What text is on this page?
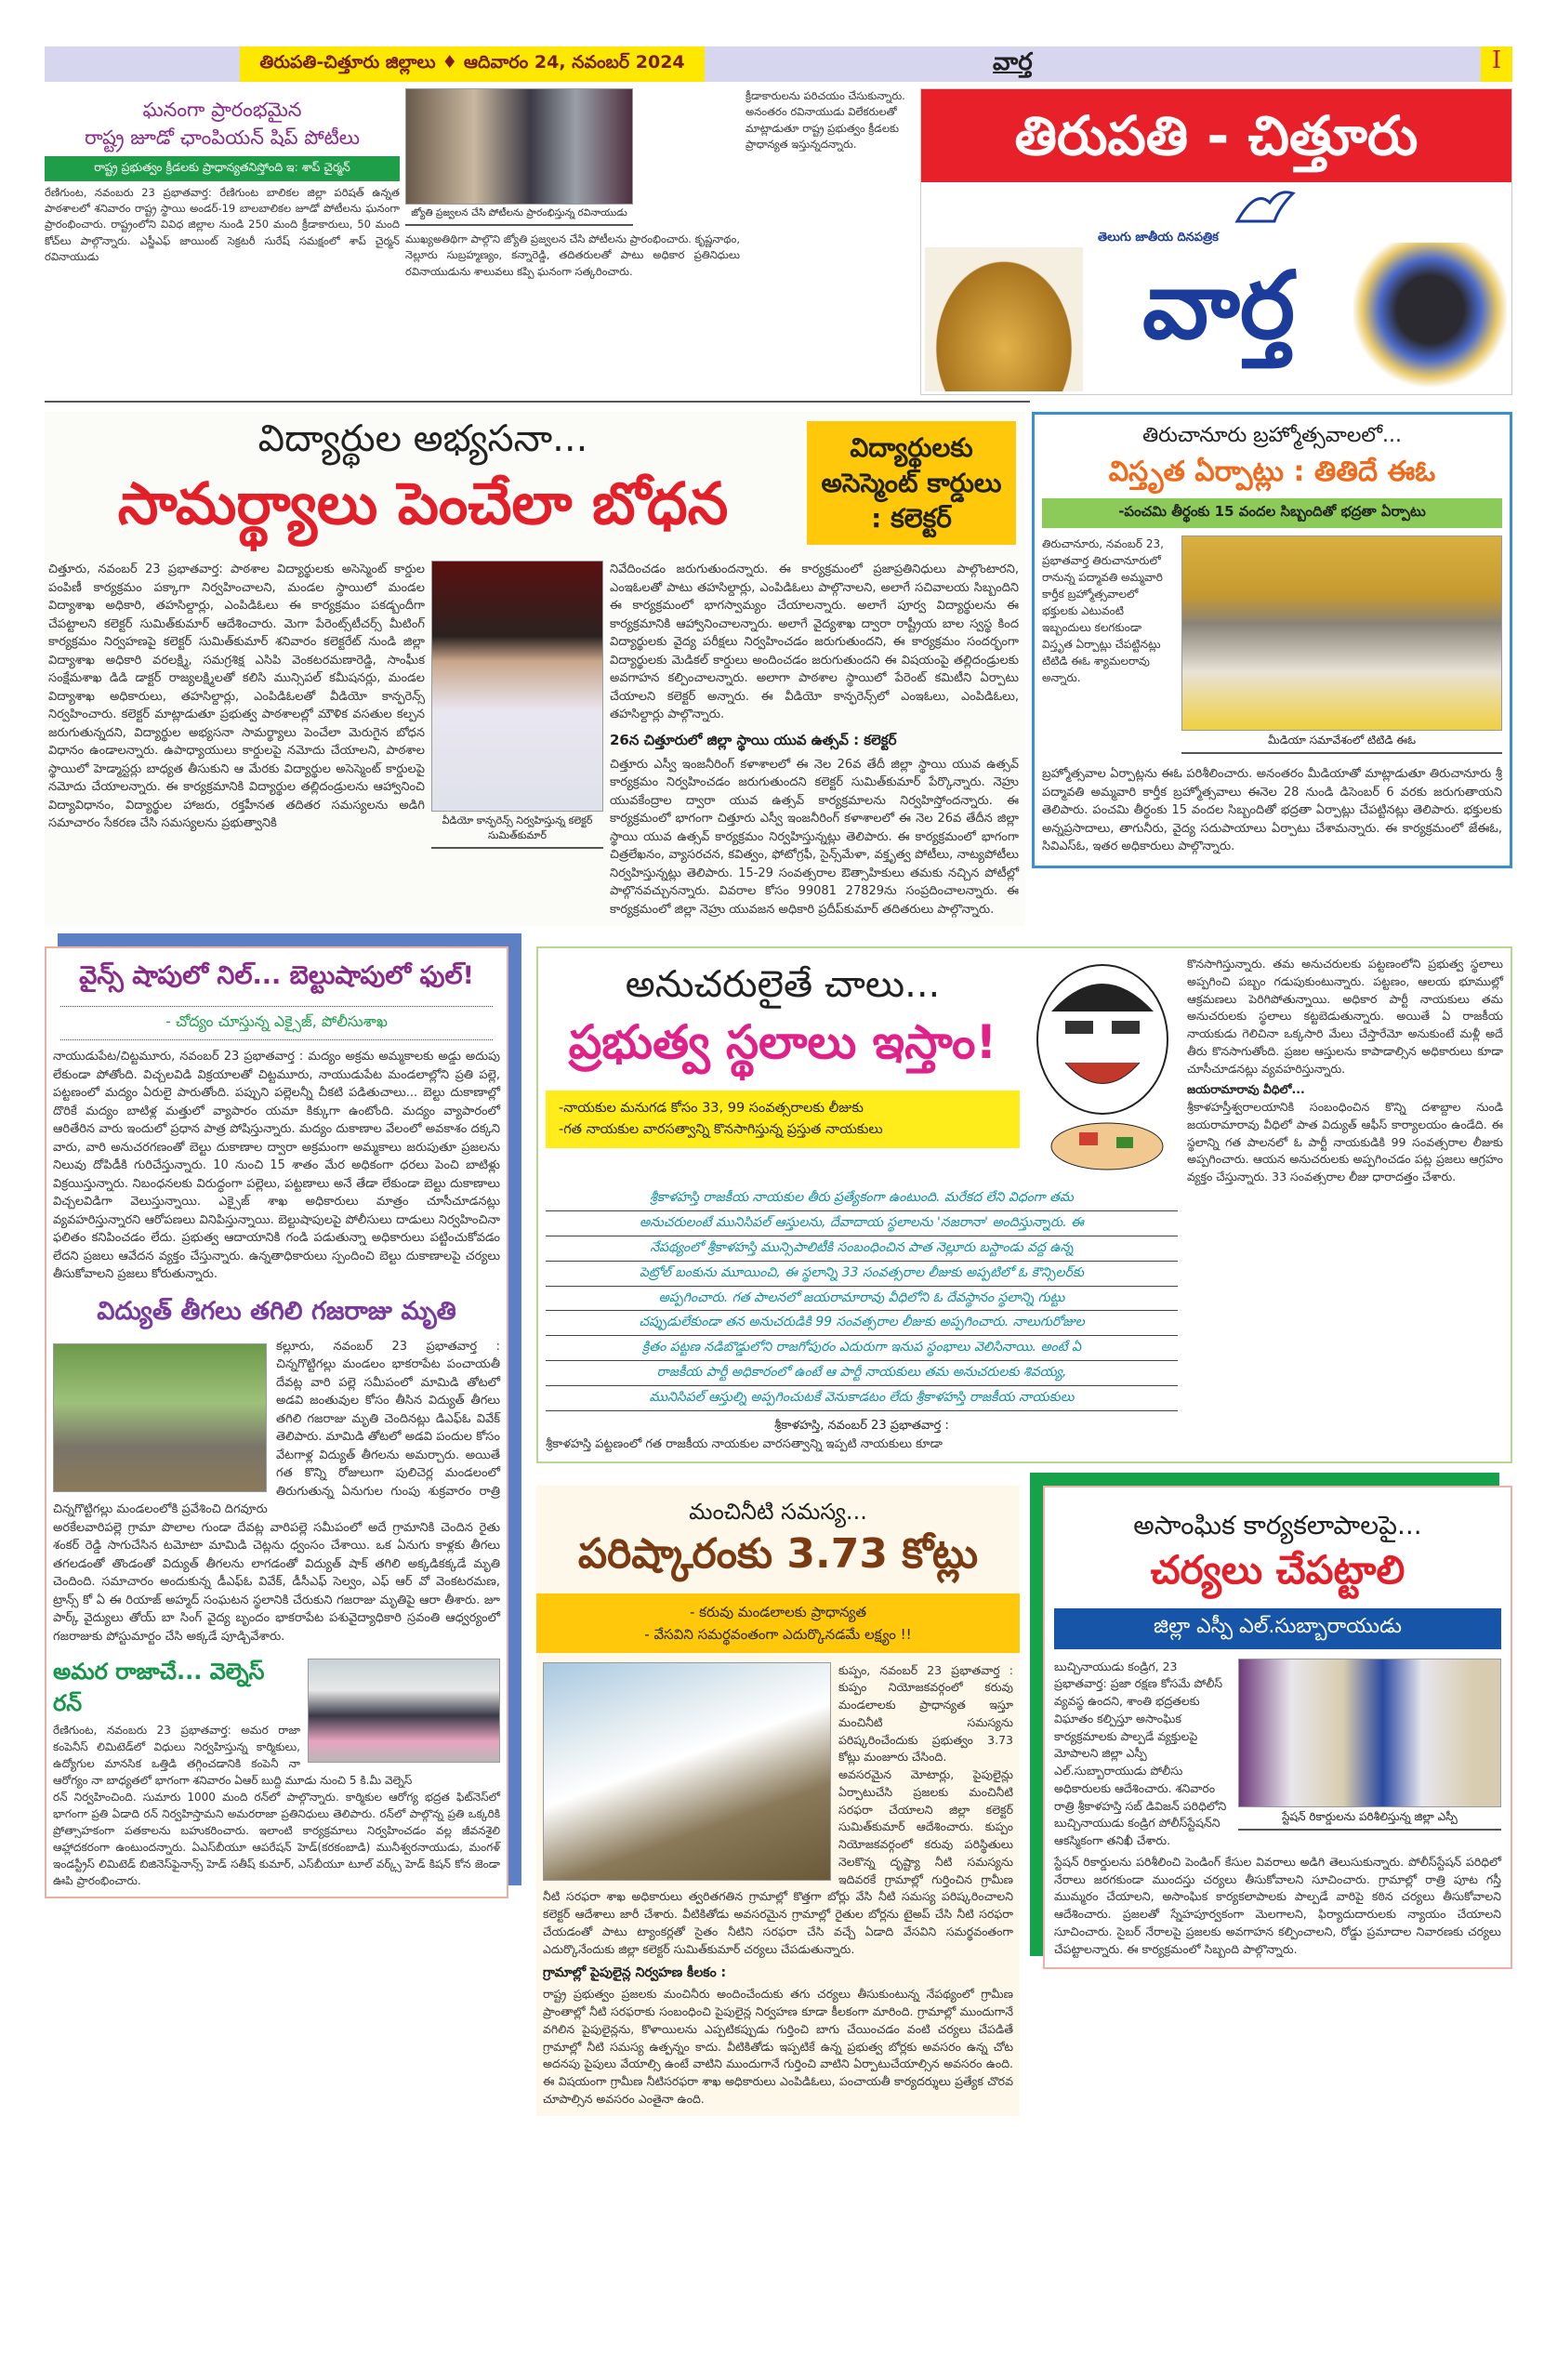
తిరుపతి-చిత్తూరు జిల్లాలు ♦ ఆదివారం 24, నవంబర్ 2024	వార్త	I
ఘనంగా ప్రారంభమైన
రాష్ట్ర జూడో ఛాంపియన్ షిప్ పోటీలు
రాష్ట్ర ప్రభుత్వం క్రీడలకు ప్రాధాన్యతనిస్తోంది ఇ: శాప్ చైర్మన్
రేణిగుంట, నవంబరు 23 ప్రభాతవార్త: రేణిగుంట బాలికల జిల్లా పరిషత్ ఉన్నత పాఠశాలలో శనివారం రాష్ట్ర స్థాయి అండర్-19 బాలబాలికల జూడో పోటీలను ఘనంగా ప్రారంభించారు. రాష్ట్రంలోని వివిధ జిల్లాల నుండి 250 మంది క్రీడాకారులు, 50 మంది కోచ్‌లు పాల్గొన్నారు. ఎస్జీఎఫ్ జాయింట్ సెక్రటరీ సురేష్ సమక్షంలో శాప్ చైర్మన్ రవినాయుడు
జ్యోతి ప్రజ్వలన చేసి పోటీలను ప్రారంభిస్తున్న రవినాయుడు
ముఖ్యఅతిథిగా పాల్గొని జ్యోతి ప్రజ్వలన చేసి పోటీలను ప్రారంభించారు. కృష్ణనాథం, నెల్లూరు సుబ్రహ్మణ్యం, కన్నారెడ్డి, తదితరులతో పాటు అధికార ప్రతినిధులు రవినాయుడును శాలువలు కప్పి ఘనంగా సత్కరించారు.
క్రీడాకారులను పరిచయం చేసుకున్నారు. అనంతరం రవినాయుడు విలేకరులతో మాట్లాడుతూ రాష్ట్ర ప్రభుత్వం క్రీడలకు ప్రాధాన్యత ఇస్తున్నదన్నారు.	తిరుపతి - చిత్తూరు
తెలుగు జాతీయ దినపత్రిక
వార్త
విద్యార్థుల అభ్యసనా...
సామర్థ్యాలు పెంచేలా బోధన
విద్యార్థులకు అసెస్మెంట్ కార్డులు : కలెక్టర్
చిత్తూరు, నవంబర్ 23 ప్రభాతవార్త: పాఠశాల విద్యార్థులకు అసెస్మెంట్ కార్డుల పంపిణీ కార్యక్రమం పక్కాగా నిర్వహించాలని, మండల స్థాయిలో మండల విద్యాశాఖ అధికారి, తహసిల్దార్లు, ఎంపిడిఓలు ఈ కార్యక్రమం పకడ్బందీగా చేపట్టాలని కలెక్టర్ సుమిత్‌కుమార్ ఆదేశించారు. మెగా పేరెంట్స్‌టీచర్స్ మీటింగ్ కార్యక్రమం నిర్వహణపై కలెక్టర్ సుమిత్‌కుమార్ శనివారం కలెక్టరేట్ నుండి జిల్లా విద్యాశాఖ అధికారి వరలక్ష్మి, సమగ్రశిక్ష ఎసిపి వెంకటరమణారెడ్డి, సాంఘీక సంక్షేమశాఖ డిడి డాక్టర్ రాజ్యలక్ష్మిలతో కలిసి మున్సిపల్ కమీషనర్లు, మండల విద్యాశాఖ అధికారులు, తహసిల్దార్లు, ఎంపిడిఓలతో వీడియో కాన్ఫరెన్స్ నిర్వహించారు. కలెక్టర్ మాట్లాడుతూ ప్రభుత్వ పాఠశాలల్లో మౌళిక వసతుల కల్పన జరుగుతున్నదని, విద్యార్థుల అభ్యసనా సామర్థ్యాలు పెంచేలా మెరుగైన బోధన విధానం ఉండాలన్నారు. ఉపాధ్యాయులు కార్డులపై నమోదు చేయాలని, పాఠశాల స్థాయిలో హెడ్మాస్టర్లు బాధ్యత తీసుకుని ఆ మేరకు విద్యార్థుల అసెస్మెంట్ కార్డులపై నమోదు చేయాలన్నారు. ఈ కార్యక్రమానికి విద్యార్థుల తల్లిదండ్రులను ఆహ్వానించి విద్యావిధానం, విద్యార్థుల హాజరు, రక్తహీనత తదితర సమస్యలను అడిగి సమాచారం సేకరణ చేసి సమస్యలను ప్రభుత్వానికి	వీడియో కాన్ఫరెన్స్ నిర్వహిస్తున్న కలెక్టర్ సుమిత్‌కుమార్
నివేదించడం జరుగుతుందన్నారు. ఈ కార్యక్రమంలో ప్రజాప్రతినిధులు పాల్గొంటారని, ఎంఇఓలతో పాటు తహసిల్దార్లు, ఎంపిడిఓలు పాల్గొనాలని, అలాగే సచివాలయ సిబ్బందిని ఈ కార్యక్రమంలో భాగస్వామ్యం చేయాలన్నారు. అలాగే పూర్వ విద్యార్థులను ఈ కార్యక్రమానికి ఆహ్వానించాలన్నారు. అలాగే వైద్యశాఖ ద్వారా రాష్ట్రీయ బాల స్వస్థ కింద విద్యార్థులకు వైద్య పరీక్షలు నిర్వహించడం జరుగుతుందని, ఈ కార్యక్రమం సందర్భంగా విద్యార్థులకు మెడికల్ కార్డులు అందించడం జరుగుతుందని ఈ విషయంపై తల్లిదండ్రులకు అవగాహన కల్పించాలన్నారు. అలాగా పాఠశాల స్థాయిలో పేరెంట్ కమిటీని ఏర్పాటు చేయాలని కలెక్టర్ అన్నారు. ఈ వీడియో కాన్ఫరెన్స్‌లో ఎంఇఓలు, ఎంపిడిఓలు, తహసిల్దార్లు పాల్గొన్నారు.
26న చిత్తూరులో జిల్లా స్థాయి యువ ఉత్సవ్ : కలెక్టర్
చిత్తూరు ఎస్వీ ఇంజనీరింగ్ కళాశాలలో ఈ నెల 26వ తేదీ జిల్లా స్థాయి యువ ఉత్సవ్ కార్యక్రమం నిర్వహించడం జరుగుతుందని కలెక్టర్ సుమిత్‌కుమార్ పేర్కొన్నారు. నెహ్రు యువకేంద్రాల ద్వారా యువ ఉత్సవ్ కార్యక్రమాలను నిర్వహిస్తోందన్నారు. ఈ కార్యక్రమంలో భాగంగా చిత్తూరు ఎస్వీ ఇంజనీరింగ్ కళాశాలలో ఈ నెల 26వ తేదీన జిల్లా స్థాయి యువ ఉత్సవ్ కార్యక్రమం నిర్వహిస్తున్నట్లు తెలిపారు. ఈ కార్యక్రమంలో భాగంగా చిత్రలేఖనం, వ్యాసరచన, కవిత్వం, ఫోటోగ్రఫీ, సైన్స్‌మేళా, వక్తృత్వ పోటీలు, నాట్యపోటీలు నిర్వహిస్తున్నట్లు తెలిపారు. 15-29 సంవత్సరాల ఔత్సాహికులు తమకు నచ్చిన పోటీల్లో పాల్గొనవచ్చునన్నారు. వివరాల కోసం 99081 27829ను సంప్రదించాలన్నారు. ఈ కార్యక్రమంలో జిల్లా నెహ్రు యువజన అధికారి ప్రదీప్‌కుమార్ తదితరులు పాల్గొన్నారు.
తిరుచానూరు బ్రహ్మోత్సవాలలో...
విస్తృత ఏర్పాట్లు : తితిదే ఈఓ
-పంచమి తీర్థంకు 15 వందల సిబ్బందితో భద్రతా ఏర్పాటు
మీడియా సమావేశంలో టిటిడి ఈఓ
తిరుచానూరు, నవంబర్ 23, ప్రభాతవార్త తిరుచానూరులో రానున్న పద్మావతి అమ్మవారి కార్తీక బ్రహ్మోత్సవాలలో భక్తులకు ఎటువంటి ఇబ్బందులు కలగకుండా విస్తృత ఏర్పాట్లు చేపట్టినట్లు టిటిడి ఈఓ శ్యామలరావు అన్నారు.
బ్రహ్మోత్సవాల ఏర్పాట్లను ఈఓ పరిశీలించారు. అనంతరం మీడియాతో మాట్లాడుతూ తిరుచానూరు శ్రీ పద్మావతి అమ్మవారి కార్తీక బ్రహ్మోత్సవాలు ఈనెల 28 నుండి డిసెంబర్ 6 వరకు జరుగుతాయని తెలిపారు. పంచమి తీర్థంకు 15 వందల సిబ్బందితో భద్రతా ఏర్పాట్లు చేపట్టినట్లు తెలిపారు. భక్తులకు అన్నప్రసాదాలు, తాగునీరు, వైద్య సదుపాయాలు ఏర్పాటు చేశామన్నారు. ఈ కార్యక్రమంలో జేఈఓ, సివిఎస్ఓ, ఇతర అధికారులు పాల్గొన్నారు.
వైన్స్ షాపులో నిల్... బెల్టుషాపులో ఫుల్!
- చోద్యం చూస్తున్న ఎక్సైజ్, పోలీసుశాఖ
నాయుడుపేట/చిట్టమూరు, నవంబర్ 23 ప్రభాతవార్త : మద్యం అక్రమ అమ్మకాలకు అడ్డు అదుపు లేకుండా పోతోంది. విచ్చలవిడి విక్రయాలతో చిట్టమూరు, నాయుడుపేట మండలాల్లోని ప్రతి పల్లె, పట్టణంలో మద్యం ఏరులై పారుతోంది. పప్పుని పల్లెలన్నీ చీకటి పడితుచాలు... బెల్టు దుకాణాల్లో దొరికే మద్యం బాటిళ్ల మత్తులో వ్యాపారం యమా కిక్కుగా ఉంటోంది. మద్యం వ్యాపారంలో ఆరితేరిన వారు ఇందులో ప్రధాన పాత్ర పోషిస్తున్నారు. మద్యం దుకాణాల వేలంలో అవకాశం దక్కని వారు, వారి అనుచరగణంతో బెల్టు దుకాణాల ద్వారా అక్రమంగా అమ్మకాలు జరుపుతూ ప్రజలను నిలువు దోపిడీకి గురిచేస్తున్నారు. 10 నుంచి 15 శాతం మేర అధికంగా ధరలు పెంచి బాటిళ్లు విక్రయిస్తున్నారు. నిబంధనలకు విరుద్ధంగా పల్లెలు, పట్టణాలు అనే తేడా లేకుండా బెల్టు దుకాణాలు విచ్చలవిడిగా వెలుస్తున్నాయి. ఎక్సైజ్ శాఖ అధికారులు మాత్రం చూసీచూడనట్లు వ్యవహరిస్తున్నారని ఆరోపణలు వినిపిస్తున్నాయి. బెల్టుషాపులపై పోలీసులు దాడులు నిర్వహించినా ఫలితం కనిపించడం లేదు. ప్రభుత్వ ఆదాయానికి గండి పడుతున్నా అధికారులు పట్టించుకోవడం లేదని ప్రజలు ఆవేదన వ్యక్తం చేస్తున్నారు. ఉన్నతాధికారులు స్పందించి బెల్టు దుకాణాలపై చర్యలు తీసుకోవాలని ప్రజలు కోరుతున్నారు.
విద్యుత్ తీగలు తగిలి గజరాజు మృతి
కల్లూరు, నవంబర్ 23 ప్రభాతవార్త : చిన్నగొట్టిగల్లు మండలం భాకరాపేట పంచాయతీ దేవట్ల వారి పల్లె సమీపంలో మామిడి తోటలో అడవి జంతువుల కోసం తీసిన విద్యుత్ తీగలు తగిలి గజరాజు మృతి చెందినట్లు డిఎఫ్ఓ వివేక్ తెలిపారు. మామిడి తోటలో అడవి పందుల కోసం వేటగాళ్ల విద్యుత్ తీగలను అమర్చారు. అయితే గత కొన్ని రోజులుగా పులిచెర్ల మండలంలో తిరుగుతున్న ఏనుగుల గుంపు శుక్రవారం రాత్రి చిన్నగొట్టిగల్లు మండలంలోకి ప్రవేశించి దిగవూరు
అరకేలవారిపల్లె గ్రామా పొలాల గుండా దేవట్ల వారిపల్లె సమీపంలో అదే గ్రామానికి చెందిన రైతు శంకర్ రెడ్డి సాగుచేసిన టమోటా మామిడి చెట్లను ధ్వంసం చేశాయి. ఒక ఏనుగు కాళ్లకు తీగలు తగలడంతో తొండంతో విద్యుత్ తీగలను లాగడంతో విద్యుత్ షాక్ తగిలి అక్కడికక్కడే మృతి చెందింది. సమాచారం అందుకున్న డీఎఫ్ఓ వివేక్, డీసీఎఫ్ సెల్వం, ఎఫ్ ఆర్ వో వెంకటరమణ, ట్రాన్స్ కో ఏ ఈ రియాజ్ అహ్మద్ సంఘటన స్థలానికి చేరుకుని గజరాజు మృతిపై ఆరా తీశారు. జూ పార్క్ వైద్యులు తోయ్ బా సింగ్ వైద్య బృందం భాకరాపేట పశువైద్యాధికారి స్రవంతి ఆధ్వర్యంలో గజరాజుకు పోస్టుమార్టం చేసి అక్కడే పూడ్చివేశారు.
అమర రాజాచే... వెల్నెస్ రన్
రేణిగుంట, నవంబరు 23 ప్రభాతవార్త: అమర రాజా కంపెనీస్ లిమిటెడ్‌లో విధులు నిర్వహిస్తున్న కార్మికులు, ఉద్యోగుల మానసిక ఒత్తిడి తగ్గించడానికి కంపెనీ నా ఆరోగ్యం నా బాధ్యతలో భాగంగా శనివారం ఏఆర్ బుద్ది మూడు నుంచి 5 కి.మీ వెల్నెస్
రన్ నిర్వహించింది. సుమారు 1000 మంది రన్‌లో పాల్గొన్నారు. కార్మికుల ఆరోగ్య భద్రత ఫిట్‌నెస్‌లో భాగంగా ప్రతి ఏడాది రన్ నిర్వహిస్తామని అమరరాజా ప్రతినిధులు తెలిపారు. రన్‌లో పాల్గొన్న ప్రతి ఒక్కరికి ప్రోత్సాహకంగా పతకాలను బహుకరించారు. ఇలాంటి కార్యక్రమాలు నిర్వహించడం వల్ల జీవనశైలి ఆహ్లాదకరంగా ఉంటుందన్నారు. ఏఎస్‌బీయూ ఆపరేషన్ హెడ్(కరకంబాడి) మునీశ్వరనాయుడు, మంగళ్ ఇండస్ట్రీస్ లిమిటెడ్ బిజినెస్‌ఫైనాన్స్ హెడ్ సతీష్ కుమార్, ఎస్‌బీయూ టూల్ వర్క్స్ హెడ్ కిషన్ కోన జెండా ఊపి ప్రారంభించారు.
అనుచరులైతే చాలు...
ప్రభుత్వ స్థలాలు ఇస్తాం!
-నాయకుల మనుగడ కోసం 33, 99 సంవత్సరాలకు లీజుకు
-గత నాయకుల వారసత్వాన్ని కొనసాగిస్తున్న ప్రస్తుత నాయకులు
శ్రీకాళహస్తి రాజకీయ నాయకుల తీరు ప్రత్యేకంగా ఉంటుంది. మరేకద లేని విధంగా తమ
అనుచరులంటే మునిసిపల్ ఆస్తులను, దేవాదాయ స్థలాలను 'నజరానా' అందిస్తున్నారు. ఈ
నేపథ్యంలో శ్రీకాళహస్తి మున్సిపాలిటీకి సంబంధించిన పాత నెల్లూరు బస్టాండు వద్ద ఉన్న
పెట్రోల్ బంకును మూయించి, ఈ స్థలాన్ని 33 సంవత్సరాల లీజుకు అప్పటిలో ఓ కౌన్సిలర్‌కు
అప్పగించారు. గత పాలనలో జయరామారావు వీధిలోని ఓ దేవస్థానం స్థలాన్ని గుట్టు
చప్పుడులేకుండా తన అనుచరుడికి 99 సంవత్సరాల లీజుకు అప్పగించారు. నాలుగురోజుల
క్రితం పట్టణ నడిబొడ్డులోని రాజగోపురం ఎదురుగా ఇనుప స్థంభాలు వెలిసినాయి. అంటే ఏ
రాజకీయ పార్టీ అధికారంలో ఉంటే ఆ పార్టీ నాయకులు తమ అనుచరులకు శివయ్య,
మునిసిపల్ ఆస్తుల్ని అప్పగించుటకే వెనుకాడటం లేదు శ్రీకాళహస్తి రాజకీయ నాయకులు
శ్రీకాళహస్తి, నవంబర్ 23 ప్రభాతవార్త :
శ్రీకాళహస్తి పట్టణంలో గత రాజకీయ నాయకుల వారసత్వాన్ని ఇప్పటి నాయకులు కూడా
కొనసాగిస్తున్నారు. తమ అనుచరులకు పట్టణంలోని ప్రభుత్వ స్థలాలు అప్పగించి పబ్బం గడుపుకుంటున్నారు. పట్టణం, ఆలయ భూముల్లో ఆక్రమణలు పెరిగిపోతున్నాయి. అధికార పార్టీ నాయకులు తమ అనుచరులకు స్థలాలు కట్టబెడుతున్నారు. అయితే ఏ రాజకీయ నాయకుడు గెలిచినా ఒక్కసారి మేలు చేస్తారేమో అనుకుంటే మళ్లీ అదే తీరు కొనసాగుతోంది. ప్రజల ఆస్తులను కాపాడాల్సిన అధికారులు కూడా చూసీచూడనట్లు వ్యవహరిస్తున్నారు.
జయరామారావు వీధిలో...
శ్రీకాళహస్తీశ్వరాలయానికి సంబంధించిన కొన్ని దశాబ్దాల నుండి జయరామారావు వీధిలో పాత విద్యుత్ ఆఫీస్ కార్యాలయం ఉండేది. ఈ స్థలాన్ని గత పాలనలో ఓ పార్టీ నాయకుడికి 99 సంవత్సరాల లీజుకు అప్పగించారు. ఆయన అనుచరులకు అప్పగించడం పట్ల ప్రజలు ఆగ్రహం వ్యక్తం చేస్తున్నారు. 33 సంవత్సరాల లీజు ధారాదత్తం చేశారు.
మంచినీటి సమస్య...
పరిష్కారంకు 3.73 కోట్లు
- కరువు మండలాలకు ప్రాధాన్యత
- వేసవిని సమర్థవంతంగా ఎదుర్కొనడమే లక్ష్యం !!
కుప్పం, నవంబర్ 23 ప్రభాతవార్త : కుప్పం నియోజకవర్గంలో కరువు మండలాలకు ప్రాధాన్యత ఇస్తూ మంచినీటి సమస్యను పరిష్కరించేందుకు ప్రభుత్వం 3.73 కోట్లు మంజూరు చేసింది.
అవసరమైన మోటార్లు, పైపులైన్లు ఏర్పాటుచేసి ప్రజలకు మంచినీటి సరఫరా చేయాలని జిల్లా కలెక్టర్ సుమిత్‌కుమార్ ఆదేశించారు. కుప్పం నియోజకవర్గంలో కరువు పరిస్థితులు నెలకొన్న దృష్ట్యా నీటి సమస్యను ఇదివరకే గ్రామాల్లో గుర్తించిన గ్రామీణ నీటి సరఫరా శాఖ అధికారులు త్వరితగతిన గ్రామాల్లో కొత్తగా బోర్లు వేసి నీటి సమస్య పరిష్కరించాలని కలెక్టర్ ఆదేశాలు జారీ చేశారు. వీటికితోడు అవసరమైన గ్రామాల్లో రైతుల బోర్లను టైఅప్ చేసి నీటి సరఫరా చేయడంతో పాటు ట్యాంకర్లతో సైతం నీటిని సరఫరా చేసి వచ్చే ఏడాది వేసవిని సమర్థవంతంగా ఎదుర్కొనేందుకు జిల్లా కలెక్టర్ సుమిత్‌కుమార్ చర్యలు చేపడుతున్నారు.
గ్రామాల్లో పైపులైన్ల నిర్వహణ కీలకం :
రాష్ట్ర ప్రభుత్వం ప్రజలకు మంచినీరు అందించేందుకు తగు చర్యలు తీసుకుంటున్న నేపథ్యంలో గ్రామీణ ప్రాంతాల్లో నీటి సరఫరాకు సంబంధించి పైపులైన్ల నిర్వహణ కూడా కీలకంగా మారింది. గ్రామాల్లో ముందుగానే వగిలిన పైపులైన్లను, కొళాయిలను ఎప్పటికప్పుడు గుర్తించి బాగు చేయించడం వంటి చర్యలు చేపడితే గ్రామాల్లో నీటి సమస్య ఉత్పన్నం కాదు. వీటికితోడు ఇప్పటికే ఉన్న ప్రభుత్వ బోర్లకు అవసరం ఉన్న చోట అదనపు పైపులు వేయాల్సి ఉంటే వాటిని ముందుగానే గుర్తించి వాటిని ఏర్పాటుచేయాల్సిన అవసరం ఉంది. ఈ విషయంగా గ్రామీణ నీటిసరఫరా శాఖ అధికారులు ఎంపిడిఓలు, పంచాయతీ కార్యదర్శులు ప్రత్యేక చొరవ చూపాల్సిన అవసరం ఎంతైనా ఉంది.
అసాంఘిక కార్యకలాపాలపై...
చర్యలు చేపట్టాలి
జిల్లా ఎస్పీ ఎల్.సుబ్బారాయుడు
స్టేషన్ రికార్డులను పరిశీలిస్తున్న జిల్లా ఎస్పీ
బుచ్చినాయుడు కండ్రిగ, 23 ప్రభాతవార్త: ప్రజా రక్షణ కోసమే పోలీస్ వ్యవస్థ ఉందని, శాంతి భద్రతలకు విఘాతం కల్పిస్తూ అసాంఘిక కార్యక్రమాలకు పాల్పడే వ్యక్తులపై మోపాలని జిల్లా ఎస్పీ ఎల్.సుబ్బారాయుడు పోలీసు అధికారులకు ఆదేశించారు. శనివారం రాత్రి శ్రీకాళహస్తి సబ్ డివిజన్ పరిధిలోని బుచ్చినాయుడు కండ్రిగ పోలీస్‌స్టేషన్‌ని ఆకస్మికంగా తనిఖీ చేశారు.
స్టేషన్ రికార్డులను పరిశీలించి పెండింగ్ కేసుల వివరాలు అడిగి తెలుసుకున్నారు. పోలీస్‌స్టేషన్ పరిధిలో నేరాలు జరగకుండా ముందస్తు చర్యలు తీసుకోవాలని సూచించారు. గ్రామాల్లో రాత్రి పూట గస్తీ ముమ్మరం చేయాలని, అసాంఘిక కార్యకలాపాలకు పాల్పడే వారిపై కఠిన చర్యలు తీసుకోవాలని ఆదేశించారు. ప్రజలతో స్నేహపూర్వకంగా మెలగాలని, ఫిర్యాదుదారులకు న్యాయం చేయాలని సూచించారు. సైబర్ నేరాలపై ప్రజలకు అవగాహన కల్పించాలని, రోడ్డు ప్రమాదాల నివారణకు చర్యలు చేపట్టాలన్నారు. ఈ కార్యక్రమంలో సిబ్బంది పాల్గొన్నారు.
